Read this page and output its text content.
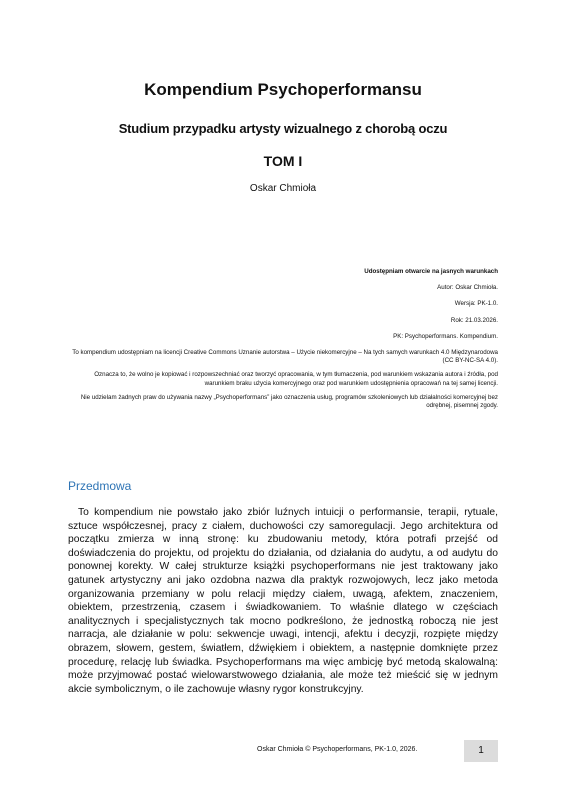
Kompendium Psychoperformansu
Studium przypadku artysty wizualnego z chorobą oczu
TOM I
Oskar Chmioła
Udostępniam otwarcie na jasnych warunkach
Autor: Oskar Chmioła.
Wersja: PK-1.0.
Rok: 21.03.2026.
PK: Psychoperformans. Kompendium.
To kompendium udostępniam na licencji Creative Commons Uznanie autorstwa – Użycie niekomercyjne – Na tych samych warunkach 4.0 Międzynarodowa (CC BY-NC-SA 4.0).
Oznacza to, że wolno je kopiować i rozpowszechniać oraz tworzyć opracowania, w tym tłumaczenia, pod warunkiem wskazania autora i źródła, pod warunkiem braku użycia komercyjnego oraz pod warunkiem udostępnienia opracowań na tej samej licencji.
Nie udzielam żadnych praw do używania nazwy „Psychoperformans” jako oznaczenia usług, programów szkoleniowych lub działalności komercyjnej bez odrębnej, pisemnej zgody.
Przedmowa
To kompendium nie powstało jako zbiór luźnych intuicji o performansie, terapii, rytuale, sztuce współczesnej, pracy z ciałem, duchowości czy samoregulacji. Jego architektura od początku zmierza w inną stronę: ku zbudowaniu metody, która potrafi przejść od doświadczenia do projektu, od projektu do działania, od działania do audytu, a od audytu do ponownej korekty. W całej strukturze książki psychoperformans nie jest traktowany jako gatunek artystyczny ani jako ozdobna nazwa dla praktyk rozwojowych, lecz jako metoda organizowania przemiany w polu relacji między ciałem, uwagą, afektem, znaczeniem, obiektem, przestrzenią, czasem i świadkowaniem. To właśnie dlatego w częściach analitycznych i specjalistycznych tak mocno podkreślono, że jednostką roboczą nie jest narracja, ale działanie w polu: sekwencje uwagi, intencji, afektu i decyzji, rozpięte między obrazem, słowem, gestem, światłem, dźwiękiem i obiektem, a następnie domknięte przez procedurę, relację lub świadka. Psychoperformans ma więc ambicję być metodą skalowalną: może przyjmować postać wielowarstwowego działania, ale może też mieścić się w jednym akcie symbolicznym, o ile zachowuje własny rygor konstrukcyjny.
Oskar Chmioła © Psychoperformans, PK-1.0, 2026.	1
